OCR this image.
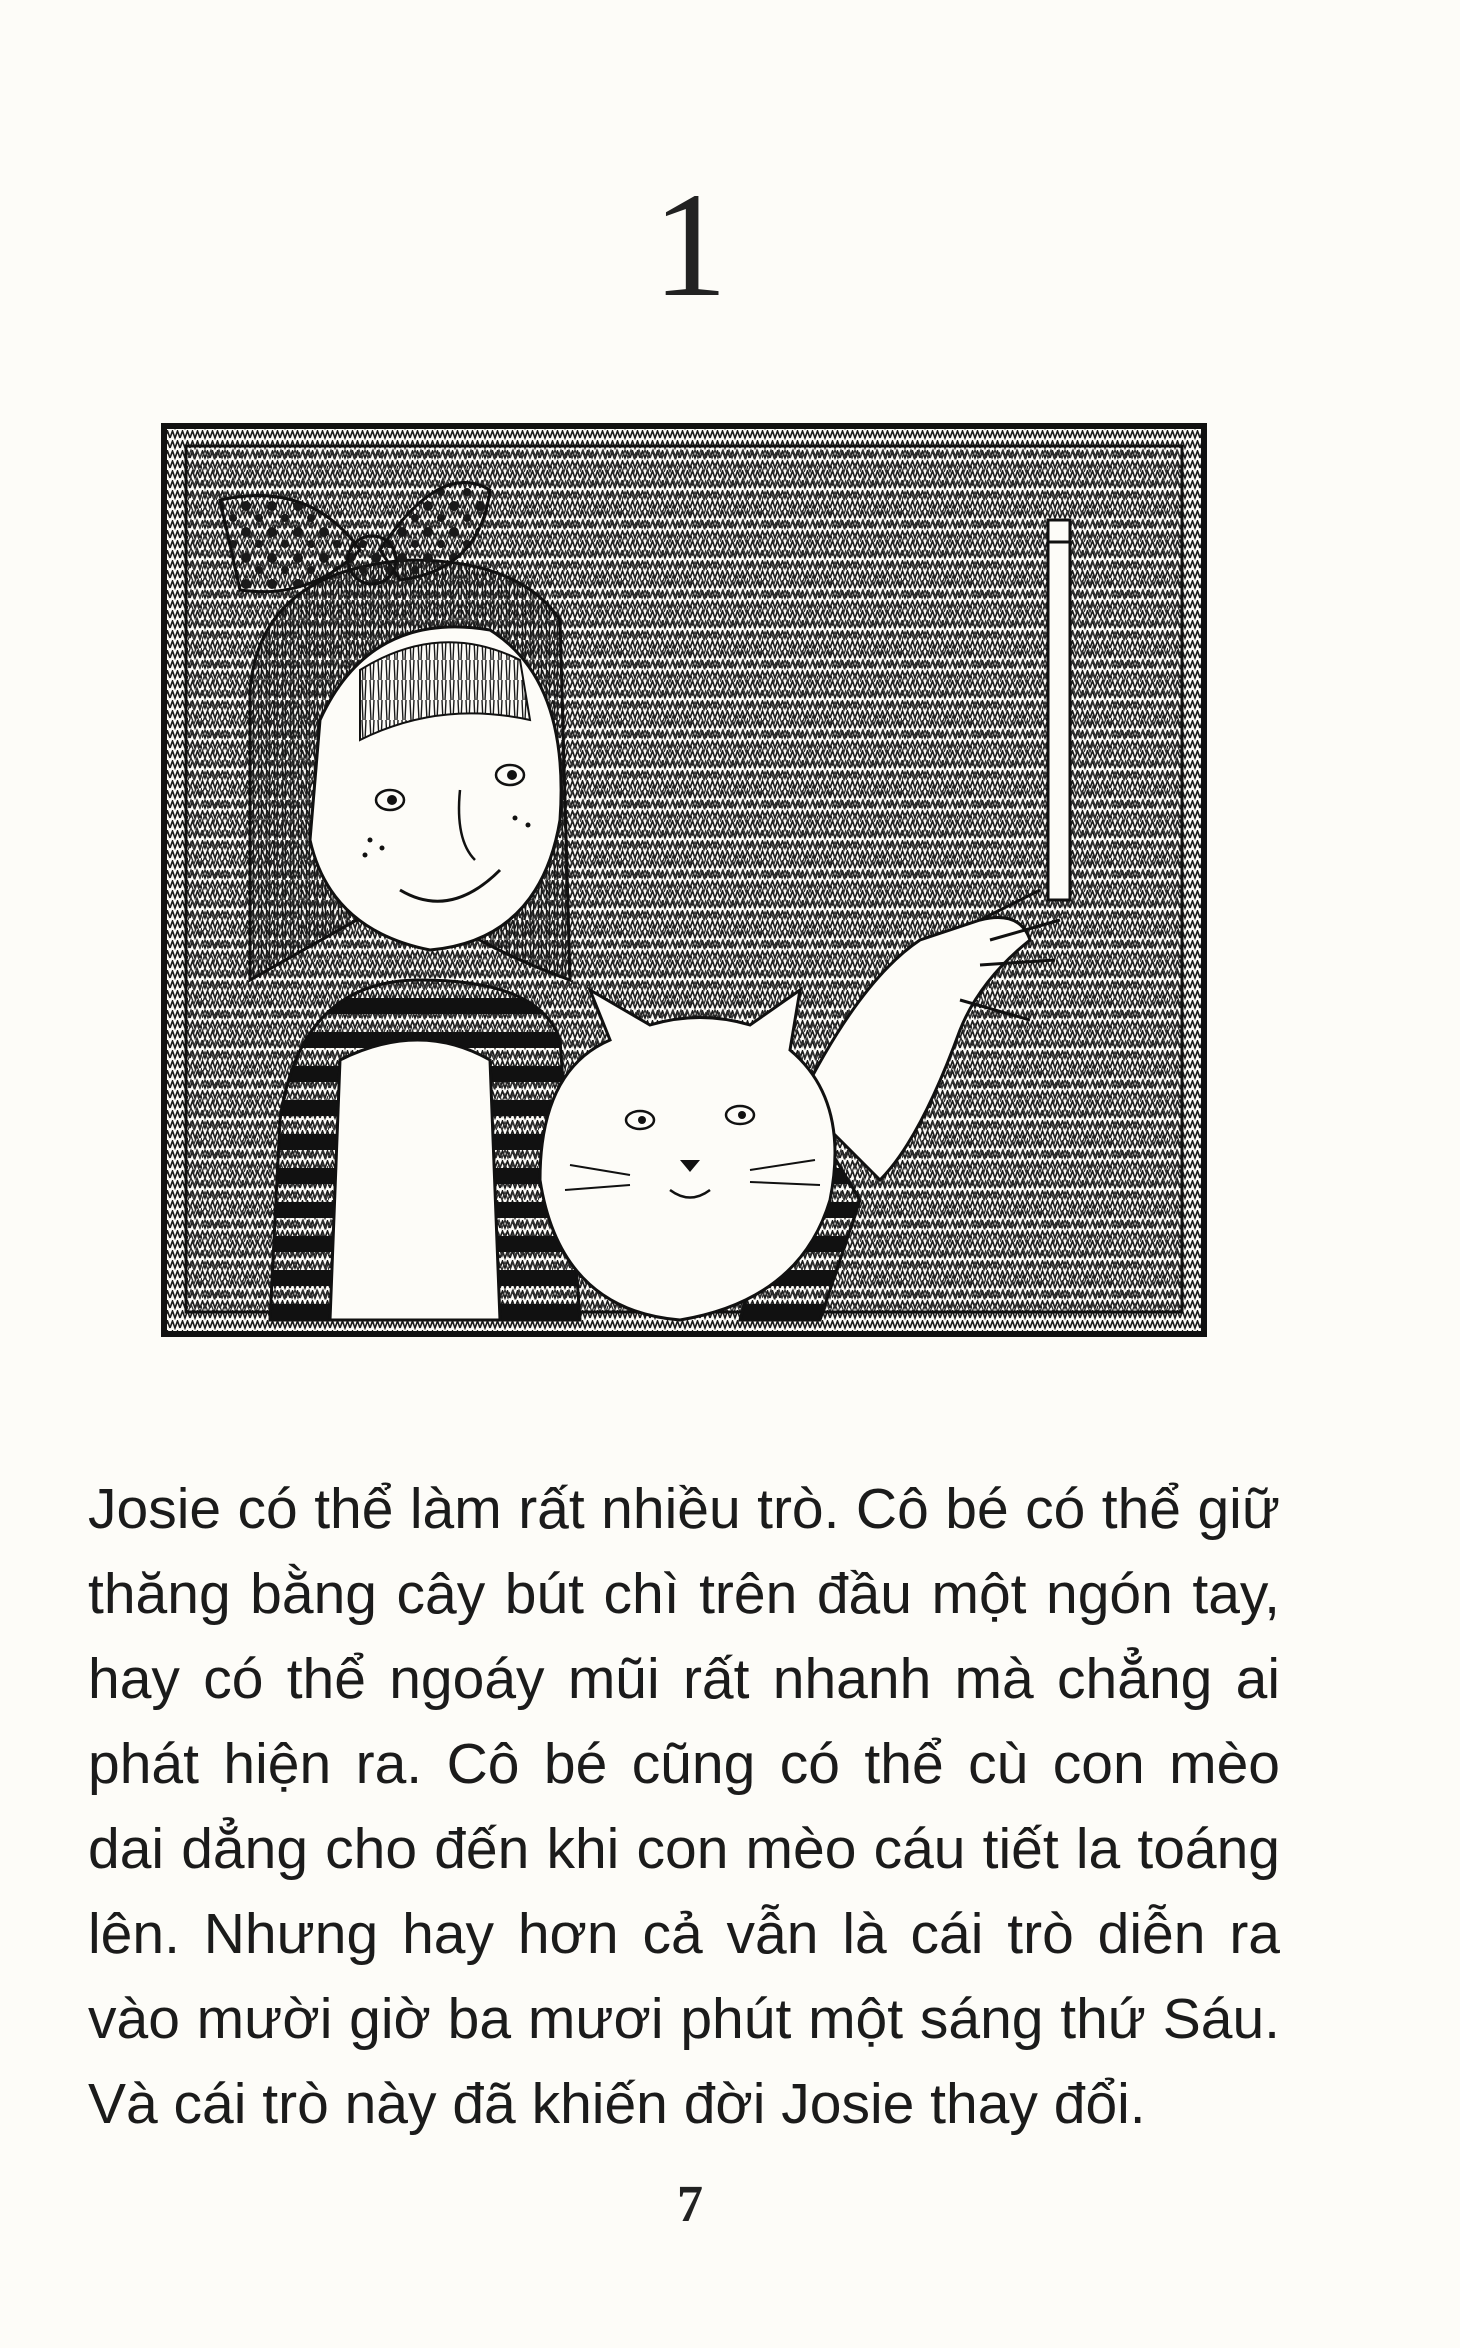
1

Josie có thể làm rất nhiều trò. Cô bé có thể giữ thăng bằng cây bút chì trên đầu một ngón tay, hay có thể ngoáy mũi rất nhanh mà chẳng ai phát hiện ra. Cô bé cũng có thể cù con mèo dai dẳng cho đến khi con mèo cáu tiết la toáng lên. Nhưng hay hơn cả vẫn là cái trò diễn ra vào mười giờ ba mươi phút một sáng thứ Sáu. Và cái trò này đã khiến đời Josie thay đổi.

7
